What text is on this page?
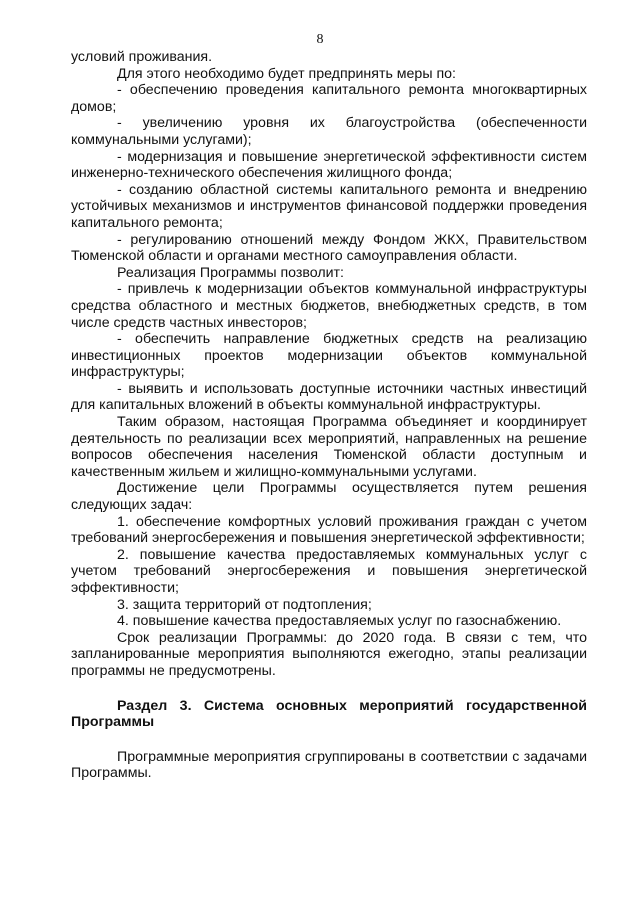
8

условий проживания.

Для этого необходимо будет предпринять меры по:

- обеспечению проведения капитального ремонта многоквартирных домов;

- увеличению уровня их благоустройства (обеспеченности коммунальными услугами);

- модернизация и повышение энергетической эффективности систем инженерно-технического обеспечения жилищного фонда;

- созданию областной системы капитального ремонта и внедрению устойчивых механизмов и инструментов финансовой поддержки проведения капитального ремонта;

- регулированию отношений между Фондом ЖКХ, Правительством Тюменской области и органами местного самоуправления области.

Реализация Программы позволит:

- привлечь к модернизации объектов коммунальной инфраструктуры средства областного и местных бюджетов, внебюджетных средств, в том числе средств частных инвесторов;

- обеспечить направление бюджетных средств на реализацию инвестиционных проектов модернизации объектов коммунальной инфраструктуры;

- выявить и использовать доступные источники частных инвестиций для капитальных вложений в объекты коммунальной инфраструктуры.

Таким образом, настоящая Программа объединяет и координирует деятельность по реализации всех мероприятий, направленных на решение вопросов обеспечения населения Тюменской области доступным и качественным жильем и жилищно-коммунальными услугами.

Достижение цели Программы осуществляется путем решения следующих задач:

1. обеспечение комфортных условий проживания граждан с учетом требований энергосбережения и повышения энергетической эффективности;

2. повышение качества предоставляемых коммунальных услуг с учетом требований энергосбережения и повышения энергетической эффективности;

3. защита территорий от подтопления;

4. повышение качества предоставляемых услуг по газоснабжению.

Срок реализации Программы: до 2020 года. В связи с тем, что запланированные мероприятия выполняются ежегодно, этапы реализации программы не предусмотрены.

Раздел 3. Система основных мероприятий государственной Программы

Программные мероприятия сгруппированы в соответствии с задачами Программы.
